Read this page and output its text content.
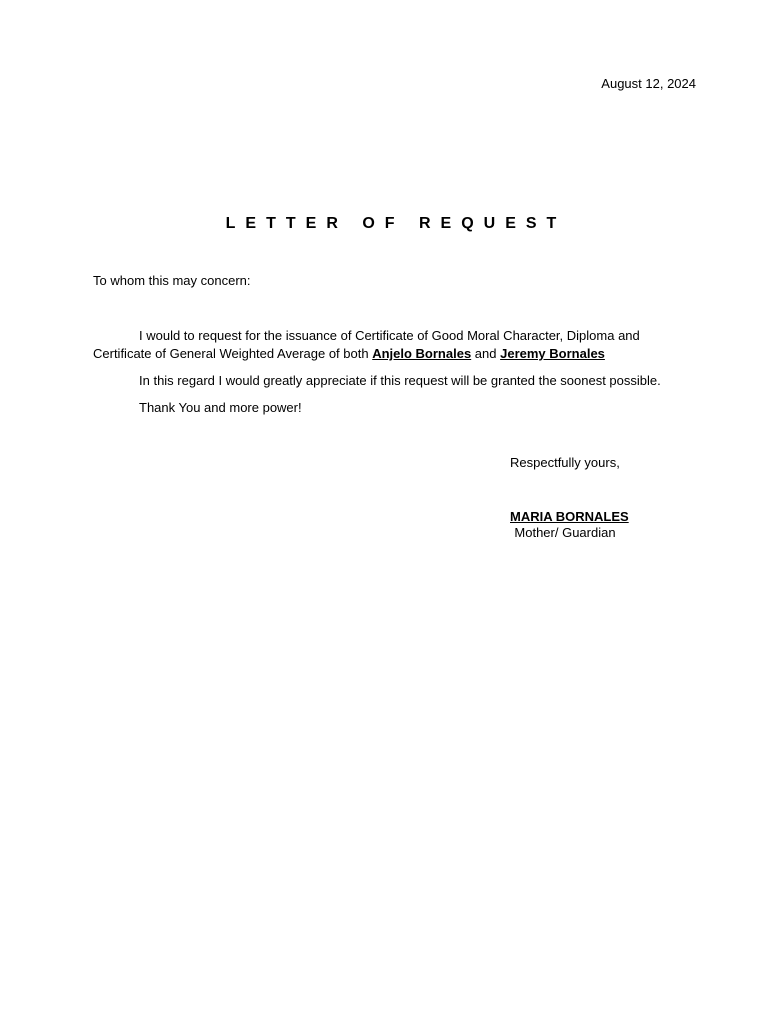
August 12, 2024
LETTER OF REQUEST
To whom this may concern:

I would to request for the issuance of Certificate of Good Moral Character, Diploma and
Certificate of General Weighted Average of both Anjelo Bornales and Jeremy Bornales

In this regard I would greatly appreciate if this request will be granted the soonest possible.

Thank You and more power!

Respectfully yours,
MARIA BORNALES
Mother/ Guardian
